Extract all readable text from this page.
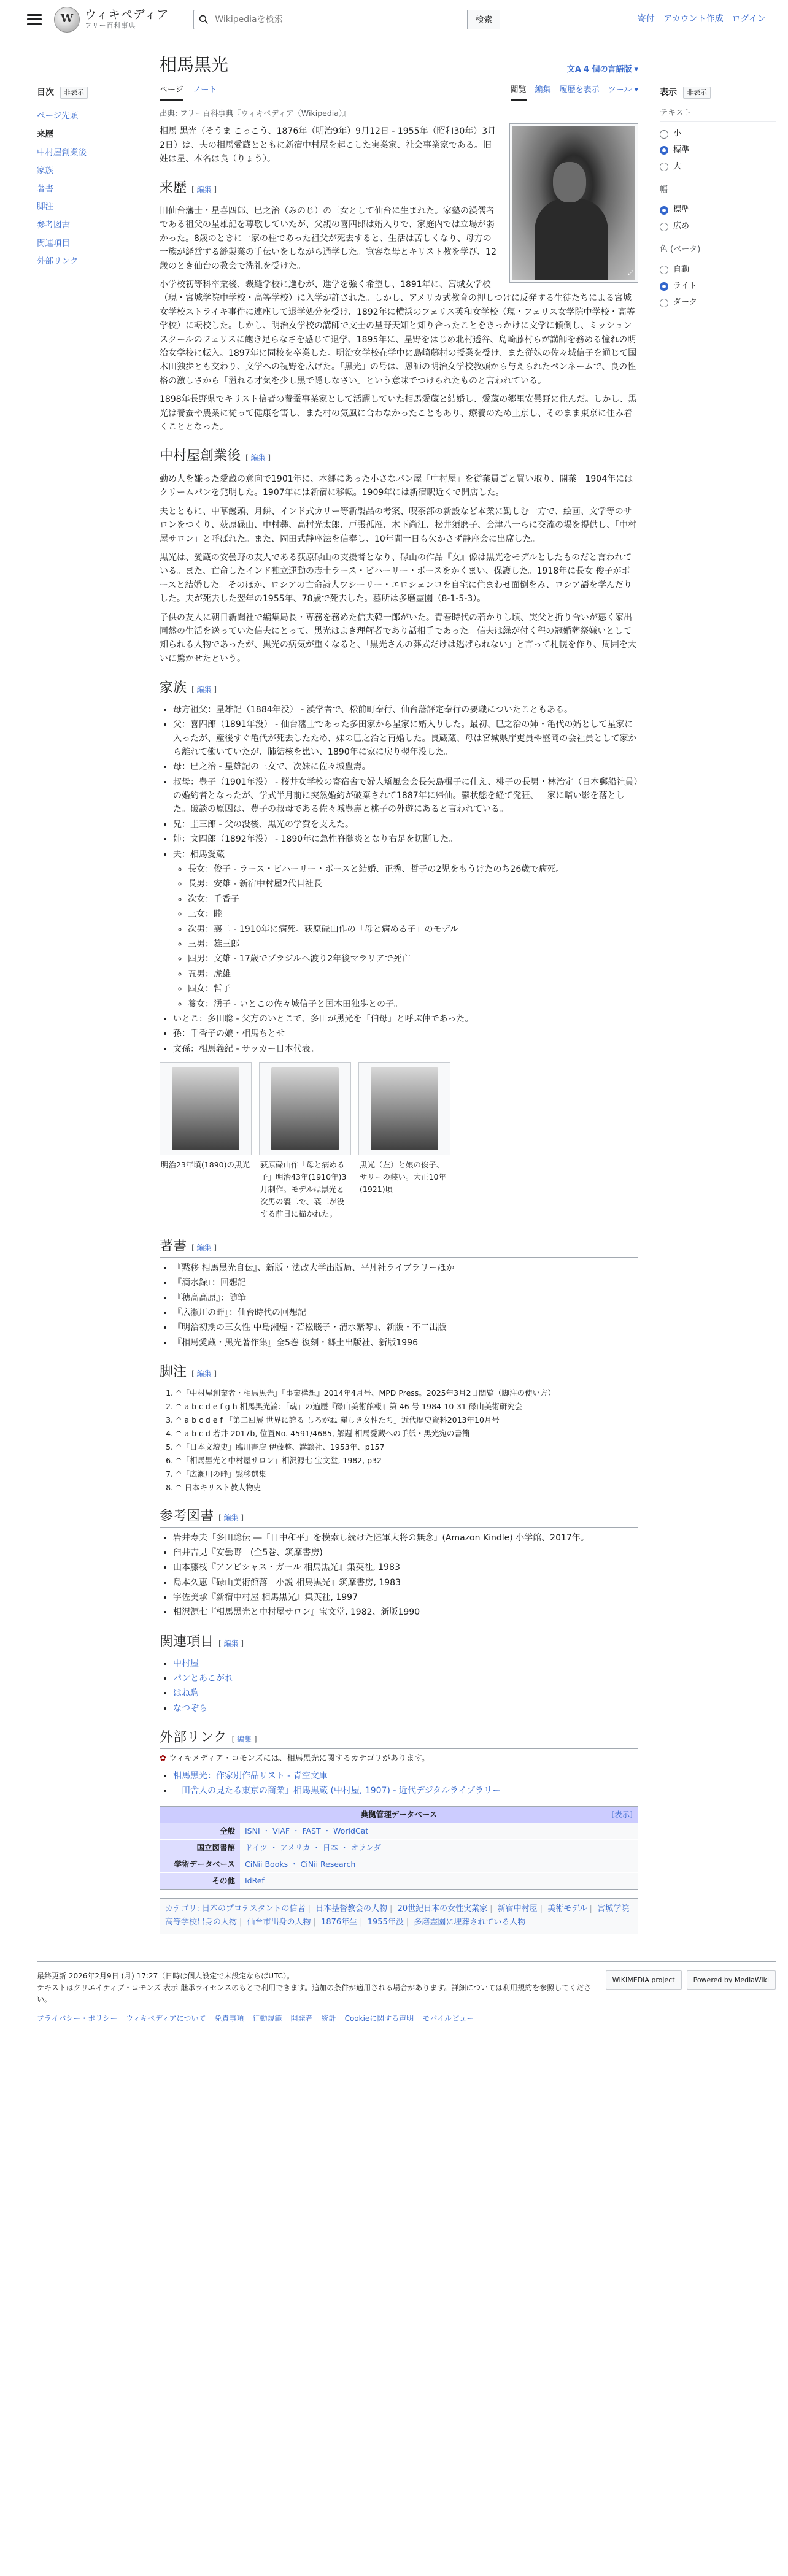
W ウィキペディア
フリー百科事典
Wikipediaを検索
検索	寄付 アカウント作成 ログイン
目次	非表示
ページ先頭
来歴
中村屋創業後
家族
著書
脚注
参考図書
関連項目
外部リンク
相馬黒光	文A 4 個の言語版 ▾
ページ ノート	閲覧 編集 履歴を表示 ツール ▾
出典: フリー百科事典『ウィキペディア（Wikipedia）』
⤢

相馬 黒光（そうま こっこう、1876年（明治9年）9月12日 - 1955年（昭和30年）3月2日）は、夫の相馬愛蔵とともに新宿中村屋を起こした実業家、社会事業家である。旧姓は星、本名は良（りょう）。

来歴 [ 編集 ]

旧仙台藩士・星喜四郎、巳之治（みのじ）の三女として仙台に生まれた。家塾の漢儒者である祖父の星雄記を尊敬していたが、父親の喜四郎は婿入りで、家庭内では立場が弱かった。8歳のときに一家の柱であった祖父が死去すると、生活は苦しくなり、母方の一族が経営する縫製業の手伝いをしながら通学した。寛容な母とキリスト教を学び、12歳のとき仙台の教会で洗礼を受けた。

小学校初等科卒業後、裁縫学校に進むが、進学を強く希望し、1891年に、宮城女学校（現・宮城学院中学校・高等学校）に入学が許された。しかし、アメリカ式教育の押しつけに反発する生徒たちによる宮城女学校ストライキ事件に連座して退学処分を受け、1892年に横浜のフェリス英和女学校（現・フェリス女学院中学校・高等学校）に転校した。しかし、明治女学校の講師で文士の星野天知と知り合ったことをきっかけに文学に傾倒し、ミッションスクールのフェリスに飽き足らなさを感じて退学、1895年に、星野をはじめ北村透谷、島崎藤村らが講師を務める憧れの明治女学校に転入。1897年に同校を卒業した。明治女学校在学中に島崎藤村の授業を受け、また従妹の佐々城信子を通じて国木田独歩とも交わり、文学への視野を広げた。「黒光」の号は、恩師の明治女学校教頭から与えられたペンネームで、良の性格の激しさから「溢れる才気を少し黒で隠しなさい」という意味でつけられたものと言われている。

1898年長野県でキリスト信者の養蚕事業家として活躍していた相馬愛蔵と結婚し、愛蔵の郷里安曇野に住んだ。しかし、黒光は養蚕や農業に従って健康を害し、また村の気風に合わなかったこともあり、療養のため上京し、そのまま東京に住み着くこととなった。

中村屋創業後 [ 編集 ]

勤め人を嫌った愛蔵の意向で1901年に、本郷にあった小さなパン屋「中村屋」を従業員ごと買い取り、開業。1904年にはクリームパンを発明した。1907年には新宿に移転。1909年には新宿駅近くで開店した。

夫とともに、中華饅頭、月餅、インド式カリー等新製品の考案、喫茶部の新設など本業に勤しむ一方で、絵画、文学等のサロンをつくり、荻原碌山、中村彝、高村光太郎、戸張孤雁、木下尚江、松井須磨子、会津八一らに交流の場を提供し、「中村屋サロン」と呼ばれた。また、岡田式静座法を信奉し、10年間一日も欠かさず静座会に出席した。

黒光は、愛蔵の安曇野の友人である荻原碌山の支援者となり、碌山の作品『女』像は黒光をモデルとしたものだと言われている。また、亡命したインド独立運動の志士ラース・ビハーリー・ボースをかくまい、保護した。1918年に長女 俊子がボースと結婚した。そのほか、ロシアの亡命詩人ワシーリー・エロシェンコを自宅に住まわせ面倒をみ、ロシア語を学んだりした。夫が死去した翌年の1955年、78歳で死去した。墓所は多磨霊園（8-1-5-3）。

子供の友人に朝日新聞社で編集局長・専務を務めた信夫韓一郎がいた。青春時代の若かりし頃、実父と折り合いが悪く家出同然の生活を送っていた信夫にとって、黒光はよき理解者であり話相手であった。信夫は緑が付く程の冠婚葬祭嫌いとして知られる人物であったが、黒光の病気が重くなると、「黒光さんの葬式だけは逃げられない」と言って札幌を作り、周囲を大いに驚かせたという。

家族 [ 編集 ]
• 母方祖父：星雄記（1884年没） - 漢学者で、松前町奉行、仙台藩評定奉行の要職についたこともある。
• 父：喜四郎（1891年没） - 仙台藩士であった多田家から星家に婿入りした。最初、巳之治の姉・亀代の婿として星家に入ったが、産後すぐ亀代が死去したため、妹の巳之治と再婚した。良蔵蔵、母は宮城県庁吏員や盛岡の会社員として家から離れて働いていたが、肺結核を患い、1890年に家に戻り翌年没した。
• 母：巳之治 - 星雄記の三女で、次妹に佐々城豊壽。
• 叔母：豊子（1901年没） - 桜井女学校の寄宿舎で婦人矯風会会長矢島楫子に仕え、桃子の長男・林治定（日本郵船社員）の婚約者となったが、学式半月前に突然婚約が破棄されて1887年に帰仙。鬱状態を経て発狂、一家に暗い影を落とした。破談の原因は、豊子の叔母である佐々城豊壽と桃子の外遊にあると言われている。
• 兄：圭三郎 - 父の没後、黒光の学費を支えた。
• 姉：文四郎（1892年没） - 1890年に急性脊髄炎となり右足を切断した。
• 夫：相馬愛蔵
◦ 長女：俊子 - ラース・ビハーリー・ボースと結婚、正秀、哲子の2児をもうけたのち26歳で病死。
◦ 長男：安雄 - 新宿中村屋2代目社長
◦ 次女：千香子
◦ 三女：睦
◦ 次男：襄二 - 1910年に病死。荻原碌山作の「母と病める子」のモデル
◦ 三男：雄三郎
◦ 四男：文雄 - 17歳でブラジルへ渡り2年後マラリアで死亡
◦ 五男：虎雄
◦ 四女：哲子
◦ 養女：湧子 - いとこの佐々城信子と国木田独歩との子。
• いとこ：多田聡 - 父方のいとこで、多田が黒光を「伯母」と呼ぶ仲であった。
• 孫：千香子の娘・相馬ちとせ
• 文孫：相馬義紀 - サッカー日本代表。
明治23年頃(1890)の黒光 荻原碌山作「母と病める子」明治43年(1910年)3月制作。モデルは黒光と次男の襄二で、襄二が没する前日に描かれた。
黒光（左）と娘の俊子、サリーの装い。大正10年(1921)頃
著書 [ 編集 ]
• 『黙移 相馬黒光自伝』、新版・法政大学出版局、平凡社ライブラリーほか
• 『滴水録』：回想記
• 『穂高高原』：随筆
• 『広瀬川の畔』：仙台時代の回想記
• 『明治初期の三女性 中島湘煙・若松賤子・清水紫琴』、新版・不二出版
• 『相馬愛蔵・黒光著作集』全5巻 復刻・郷土出版社、新版1996
脚注 [ 編集 ]
1. ^「中村屋創業者・相馬黒光」『事業構想』2014年4月号、MPD Press。2025年3月2日閲覧（脚注の使い方）
2. ^ a b c d e f g h 相馬黒光論：「魂」の遍歴『碌山美術館報』第 46 号 1984-10-31 碌山美術研究会
3. ^ a b c d e f 「第二回展 世界に誇る しろがね 麗しき女性たち」近代歴史資料2013年10月号
4. ^ a b c d 若井 2017b, 位置No. 4591/4685, 解題 相馬愛蔵への手紙・黒光宛の書簡
5. ^「日本文壇史」臨川書店 伊藤整、講談社、1953年、p157
6. ^「相馬黒光と中村屋サロン」相沢源七 宝文堂, 1982, p32
7. ^「広瀬川の畔」黙移選集
8. ^ 日本キリスト教人物史
参考図書 [ 編集 ]
• 岩井寿夫「多田聡伝 ―「日中和平」を模索し続けた陸軍大将の無念」(Amazon Kindle) 小学館、2017年。
• 臼井吉見『安曇野』(全5巻、筑摩書房)
• 山本藤枝『アンビシャス・ガール 相馬黒光』集英社, 1983
• 島本久恵『碌山美術館落　小説 相馬黒光』筑摩書房, 1983
• 宇佐美承『新宿中村屋 相馬黒光』集英社, 1997
• 相沢源七『相馬黒光と中村屋サロン』宝文堂, 1982、新版1990
関連項目 [ 編集 ]
• 中村屋
• パンとあこがれ
• はね駒
• なつぞら
外部リンク [ 編集 ]
✿ ウィキメディア・コモンズには、相馬黒光に関するカテゴリがあります。
• 相馬黒光：作家別作品リスト - 青空文庫
• 「田舎人の見たる東京の商業」相馬黒蔵 (中村屋, 1907) - 近代デジタルライブラリー
典拠管理データベース	[表示]
全般	ISNI ・ VIAF ・ FAST ・ WorldCat
国立図書館	ドイツ ・ アメリカ ・ 日本 ・ オランダ
学術データベース	CiNii Books ・ CiNii Research
その他	IdRef
カテゴリ: 日本のプロテスタントの信者 | 日本基督教会の人物 | 20世紀日本の女性実業家 | 新宿中村屋 | 美術モデル | 宮城学院高等学校出身の人物 | 仙台市出身の人物 | 1876年生 | 1955年没 | 多磨霊園に埋葬されている人物
表示	非表示
テキスト
小
標準
大
幅
標準
広め
色 (ベータ)
自動
ライト
ダーク
WIKIMEDIA project	Powered by MediaWiki
最終更新 2026年2月9日 (月) 17:27（日時は個人設定で未設定ならばUTC）。
テキストはクリエイティブ・コモンズ 表示-継承ライセンスのもとで利用できます。追加の条件が適用される場合があります。詳細については利用規約を参照してください。
プライバシー・ポリシー ウィキペディアについて 免責事項 行動規範 開発者 統計 Cookieに関する声明 モバイルビュー
